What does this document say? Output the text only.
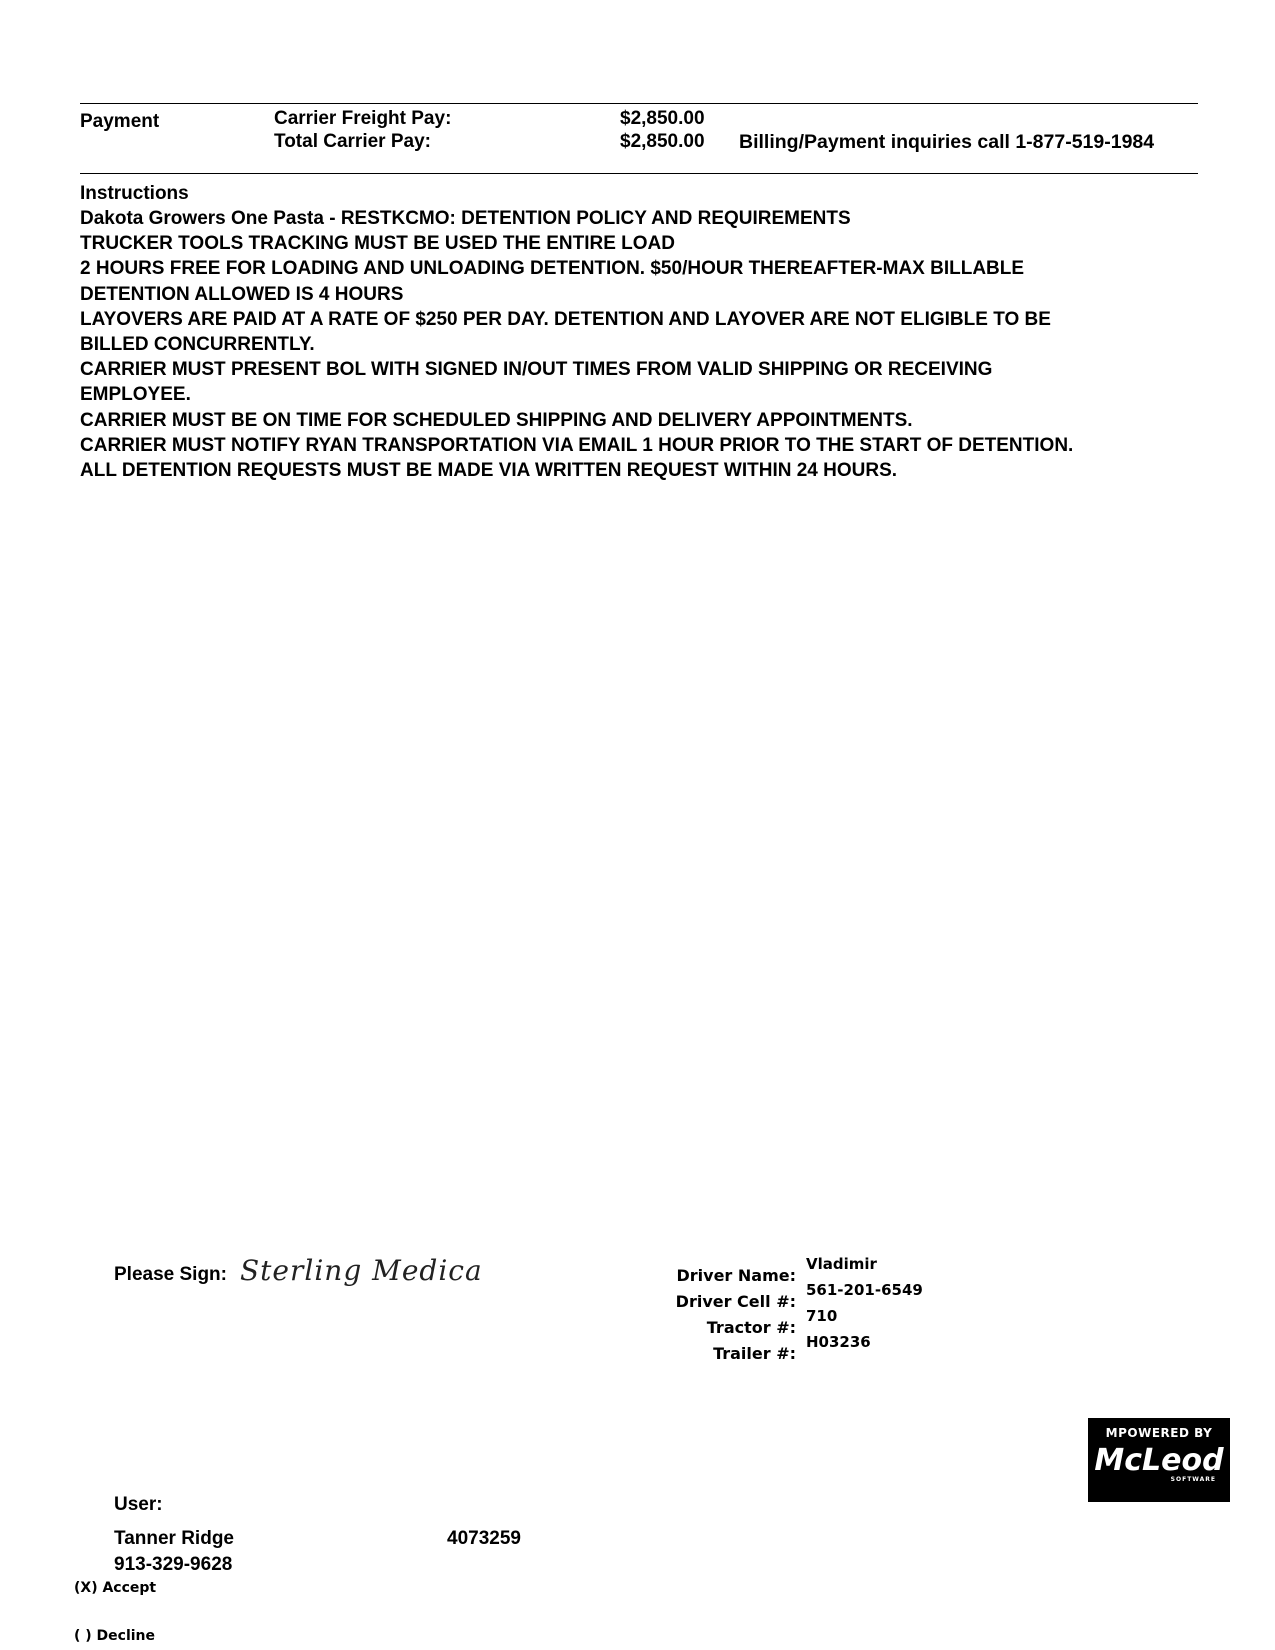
Payment	Carrier Freight Pay:	$2,850.00
Total Carrier Pay:	$2,850.00 Billing/Payment inquiries call 1-877-519-1984
Instructions
Dakota Growers One Pasta - RESTKCMO: DETENTION POLICY AND REQUIREMENTS
TRUCKER TOOLS TRACKING MUST BE USED THE ENTIRE LOAD
2 HOURS FREE FOR LOADING AND UNLOADING DETENTION. $50/HOUR THEREAFTER-MAX BILLABLE
DETENTION ALLOWED IS 4 HOURS
LAYOVERS ARE PAID AT A RATE OF $250 PER DAY. DETENTION AND LAYOVER ARE NOT ELIGIBLE TO BE
BILLED CONCURRENTLY.
CARRIER MUST PRESENT BOL WITH SIGNED IN/OUT TIMES FROM VALID SHIPPING OR RECEIVING
EMPLOYEE.
CARRIER MUST BE ON TIME FOR SCHEDULED SHIPPING AND DELIVERY APPOINTMENTS.
CARRIER MUST NOTIFY RYAN TRANSPORTATION VIA EMAIL 1 HOUR PRIOR TO THE START OF DETENTION.
ALL DETENTION REQUESTS MUST BE MADE VIA WRITTEN REQUEST WITHIN 24 HOURS.
Please Sign: Sterling Medica	Driver Name:
Vladimir
Driver Cell #:
561-201-6549
Tractor #:
710
Trailer #:
H03236
MPOWERED BY
McLeod
SOFTWARE
User:
Tanner Ridge	4073259
913-329-9628
(X) Accept
( ) Decline
